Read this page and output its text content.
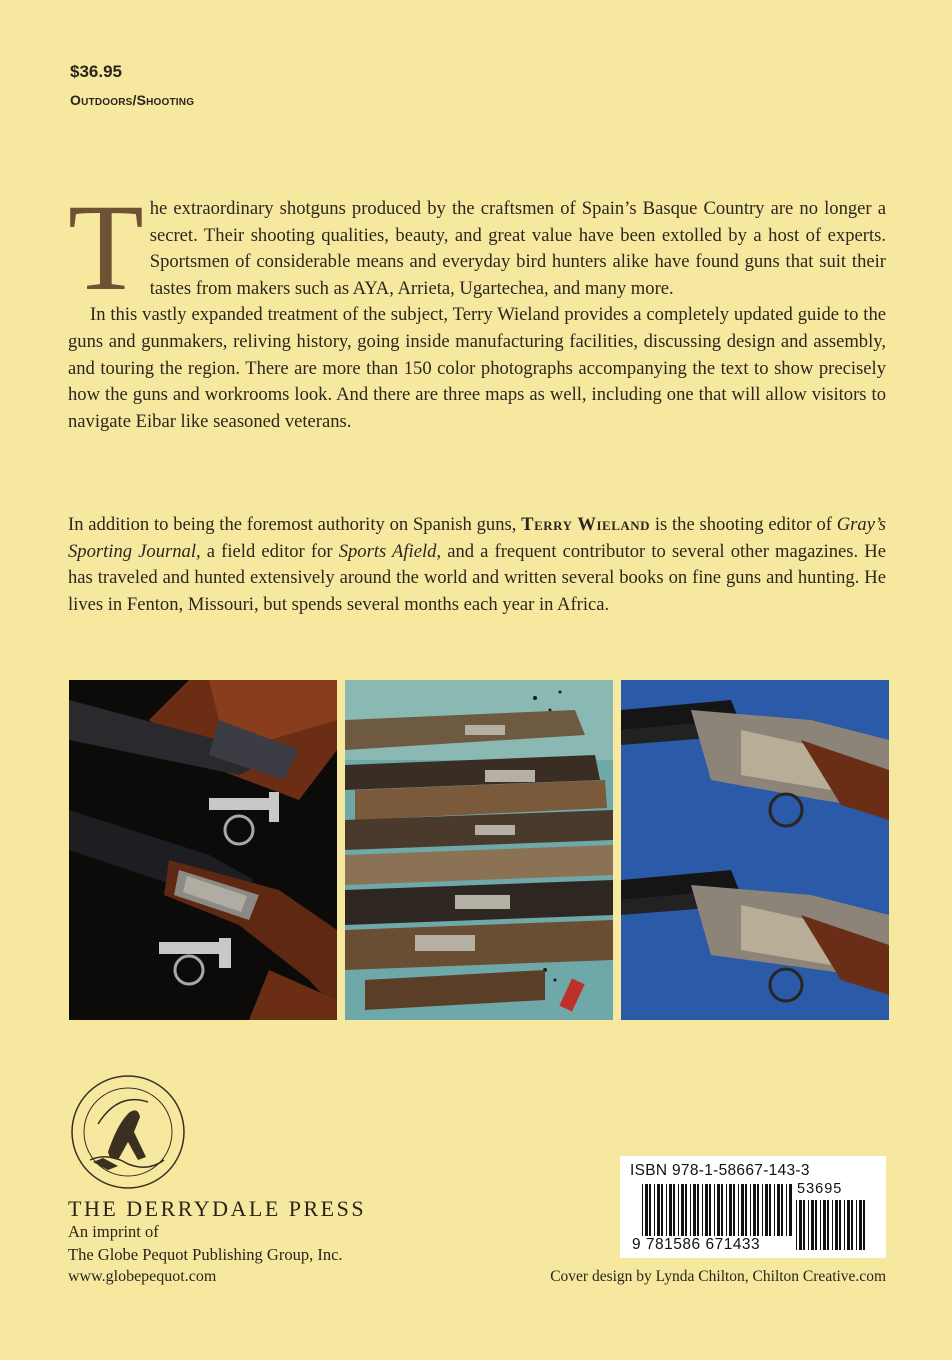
$36.95
Outdoors/Shooting
T he extraordinary shotguns produced by the craftsmen of Spain’s Basque Country are no longer a secret. Their shooting qualities, beauty, and great value have been extolled by a host of experts. Sportsmen of considerable means and everyday bird hunters alike have found guns that suit their tastes from makers such as AYA, Arrieta, Ugartechea, and many more.

In this vastly expanded treatment of the subject, Terry Wieland provides a completely updated guide to the guns and gunmakers, reliving history, going inside manufacturing facilities, discussing design and assembly, and touring the region. There are more than 150 color photographs accompanying the text to show precisely how the guns and workrooms look. And there are three maps as well, including one that will allow visitors to navigate Eibar like seasoned veterans.

In addition to being the foremost authority on Spanish guns, Terry Wieland is the shooting editor of Gray’s Sporting Journal, a field editor for Sports Afield, and a frequent contributor to several other magazines. He has traveled and hunted extensively around the world and written several books on fine guns and hunting. He lives in Fenton, Missouri, but spends several months each year in Africa.
THE DERRYDALE PRESS
An imprint of
The Globe Pequot Publishing Group, Inc.
www.globepequot.com
ISBN 978-1-58667-143-3
53695
9 781586 671433
Cover design by Lynda Chilton, Chilton Creative.com
